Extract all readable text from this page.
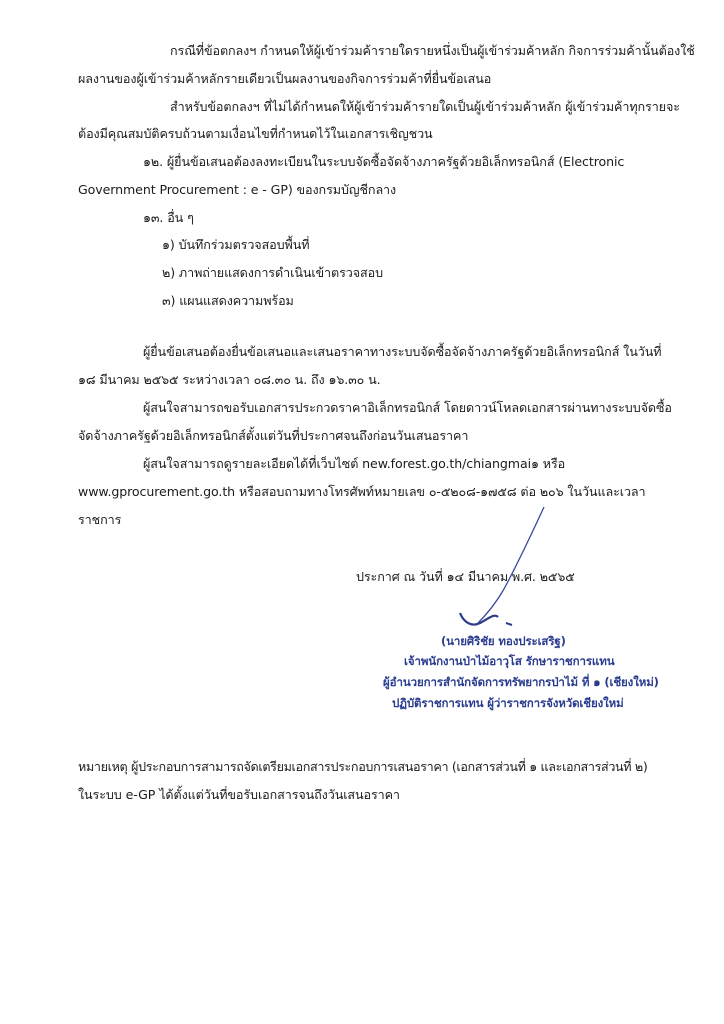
กรณีที่ข้อตกลงฯ กำหนดให้ผู้เข้าร่วมค้ารายใดรายหนึ่งเป็นผู้เข้าร่วมค้าหลัก กิจการร่วมค้านั้นต้องใช้
ผลงานของผู้เข้าร่วมค้าหลักรายเดียวเป็นผลงานของกิจการร่วมค้าที่ยื่นข้อเสนอ
สำหรับข้อตกลงฯ ที่ไม่ได้กำหนดให้ผู้เข้าร่วมค้ารายใดเป็นผู้เข้าร่วมค้าหลัก ผู้เข้าร่วมค้าทุกรายจะ
ต้องมีคุณสมบัติครบถ้วนตามเงื่อนไขที่กำหนดไว้ในเอกสารเชิญชวน
๑๒. ผู้ยื่นข้อเสนอต้องลงทะเบียนในระบบจัดซื้อจัดจ้างภาครัฐด้วยอิเล็กทรอนิกส์ (Electronic
Government Procurement : e - GP) ของกรมบัญชีกลาง
๑๓. อื่น ๆ
๑) บันทึกร่วมตรวจสอบพื้นที่
๒) ภาพถ่ายแสดงการดำเนินเข้าตรวจสอบ
๓) แผนแสดงความพร้อม
ผู้ยื่นข้อเสนอต้องยื่นข้อเสนอและเสนอราคาทางระบบจัดซื้อจัดจ้างภาครัฐด้วยอิเล็กทรอนิกส์ ในวันที่
๑๘ มีนาคม ๒๕๖๕ ระหว่างเวลา ๐๘.๓๐ น. ถึง ๑๖.๓๐ น.
ผู้สนใจสามารถขอรับเอกสารประกวดราคาอิเล็กทรอนิกส์ โดยดาวน์โหลดเอกสารผ่านทางระบบจัดซื้อ
จัดจ้างภาครัฐด้วยอิเล็กทรอนิกส์ตั้งแต่วันที่ประกาศจนถึงก่อนวันเสนอราคา
ผู้สนใจสามารถดูรายละเอียดได้ที่เว็บไซต์ new.forest.go.th/chiangmai๑ หรือ
www.gprocurement.go.th หรือสอบถามทางโทรศัพท์หมายเลข ๐-๕๒๐๘-๑๗๕๘ ต่อ ๒๐๖ ในวันและเวลา
ราชการ
ประกาศ ณ วันที่ ๑๔ มีนาคม พ.ศ. ๒๕๖๕
(นายศิริชัย ทองประเสริฐ)
เจ้าพนักงานป่าไม้อาวุโส รักษาราชการแทน
ผู้อำนวยการสำนักจัดการทรัพยากรป่าไม้ ที่ ๑ (เชียงใหม่)
ปฏิบัติราชการแทน ผู้ว่าราชการจังหวัดเชียงใหม่
หมายเหตุ ผู้ประกอบการสามารถจัดเตรียมเอกสารประกอบการเสนอราคา (เอกสารส่วนที่ ๑ และเอกสารส่วนที่ ๒)
ในระบบ e-GP ได้ตั้งแต่วันที่ขอรับเอกสารจนถึงวันเสนอราคา
